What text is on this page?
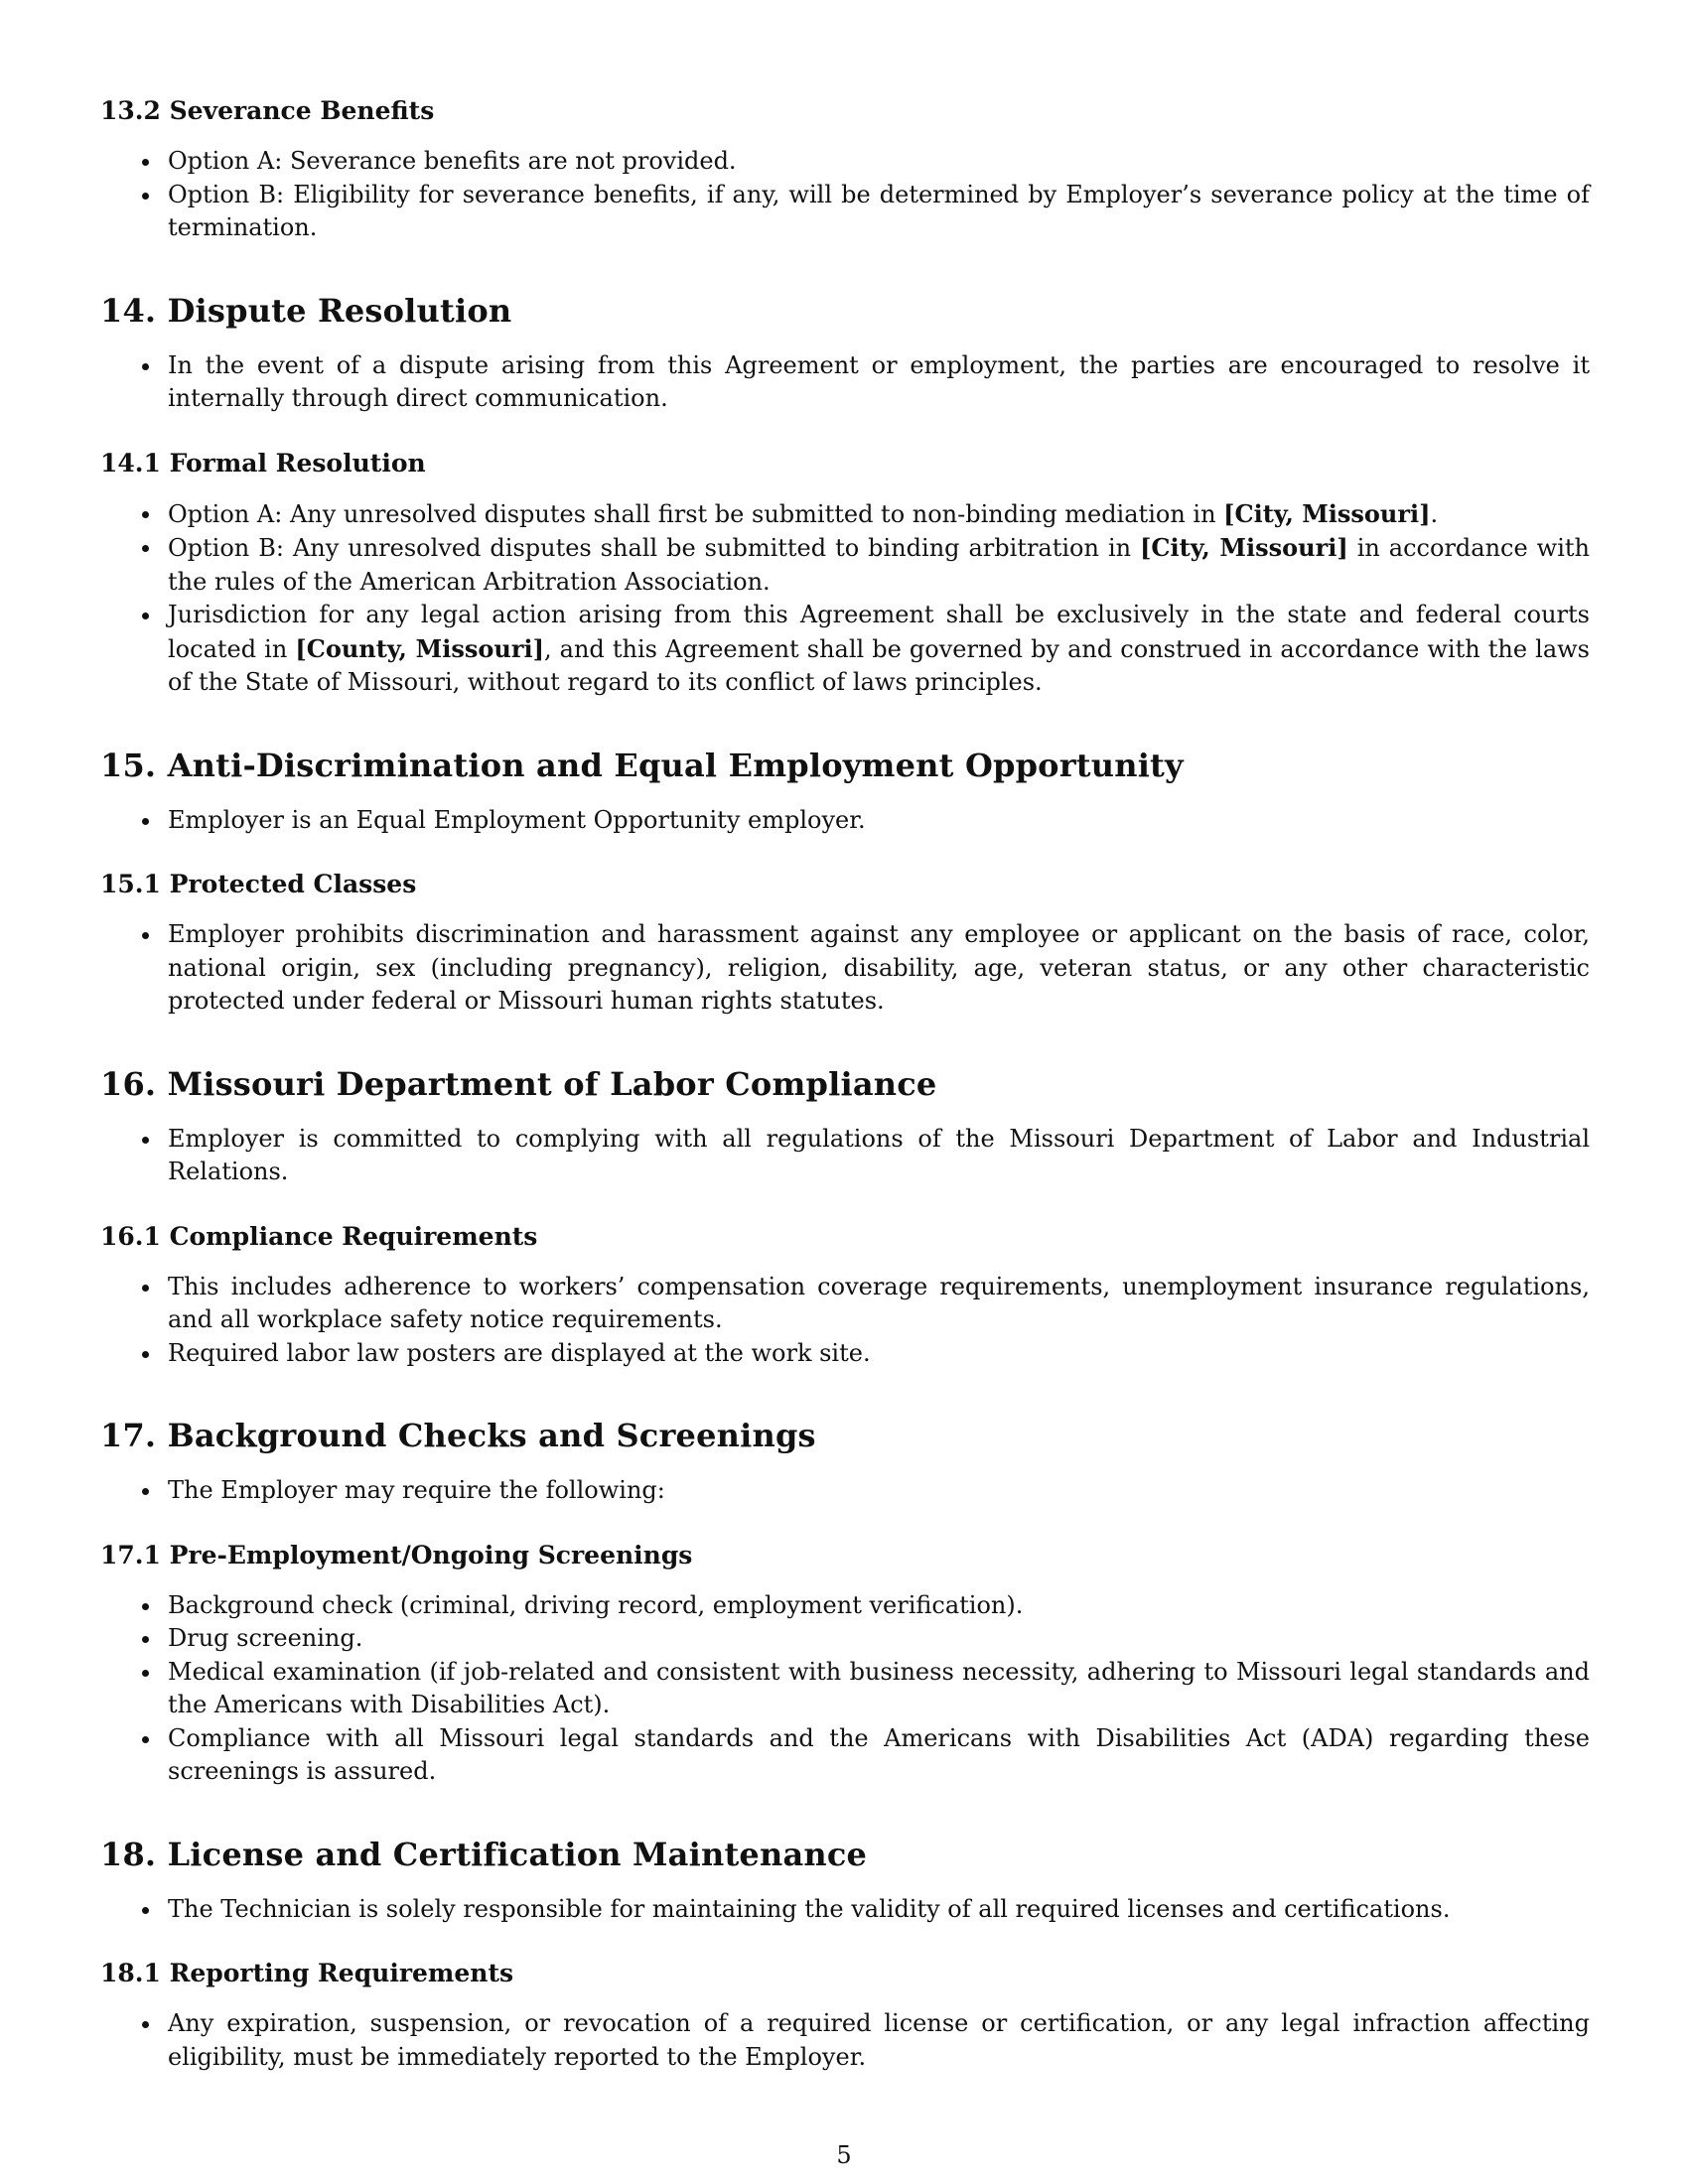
13.2 Severance Benefits
Option A: Severance benefits are not provided.
Option B: Eligibility for severance benefits, if any, will be determined by Employer’s severance policy at the time of termination.
14. Dispute Resolution
In the event of a dispute arising from this Agreement or employment, the parties are encouraged to resolve it internally through direct communication.
14.1 Formal Resolution
Option A: Any unresolved disputes shall first be submitted to non-binding mediation in [City, Missouri].
Option B: Any unresolved disputes shall be submitted to binding arbitration in [City, Missouri] in accordance with the rules of the American Arbitration Association.
Jurisdiction for any legal action arising from this Agreement shall be exclusively in the state and federal courts located in [County, Missouri], and this Agreement shall be governed by and construed in accordance with the laws of the State of Missouri, without regard to its conflict of laws principles.
15. Anti-Discrimination and Equal Employment Opportunity
Employer is an Equal Employment Opportunity employer.
15.1 Protected Classes
Employer prohibits discrimination and harassment against any employee or applicant on the basis of race, color, national origin, sex (including pregnancy), religion, disability, age, veteran status, or any other characteristic protected under federal or Missouri human rights statutes.
16. Missouri Department of Labor Compliance
Employer is committed to complying with all regulations of the Missouri Department of Labor and Industrial Relations.
16.1 Compliance Requirements
This includes adherence to workers’ compensation coverage requirements, unemployment insurance regulations, and all workplace safety notice requirements.
Required labor law posters are displayed at the work site.
17. Background Checks and Screenings
The Employer may require the following:
17.1 Pre-Employment/Ongoing Screenings
Background check (criminal, driving record, employment verification).
Drug screening.
Medical examination (if job-related and consistent with business necessity, adhering to Missouri legal standards and the Americans with Disabilities Act).
Compliance with all Missouri legal standards and the Americans with Disabilities Act (ADA) regarding these screenings is assured.
18. License and Certification Maintenance
The Technician is solely responsible for maintaining the validity of all required licenses and certifications.
18.1 Reporting Requirements
Any expiration, suspension, or revocation of a required license or certification, or any legal infraction affecting eligibility, must be immediately reported to the Employer.
5
